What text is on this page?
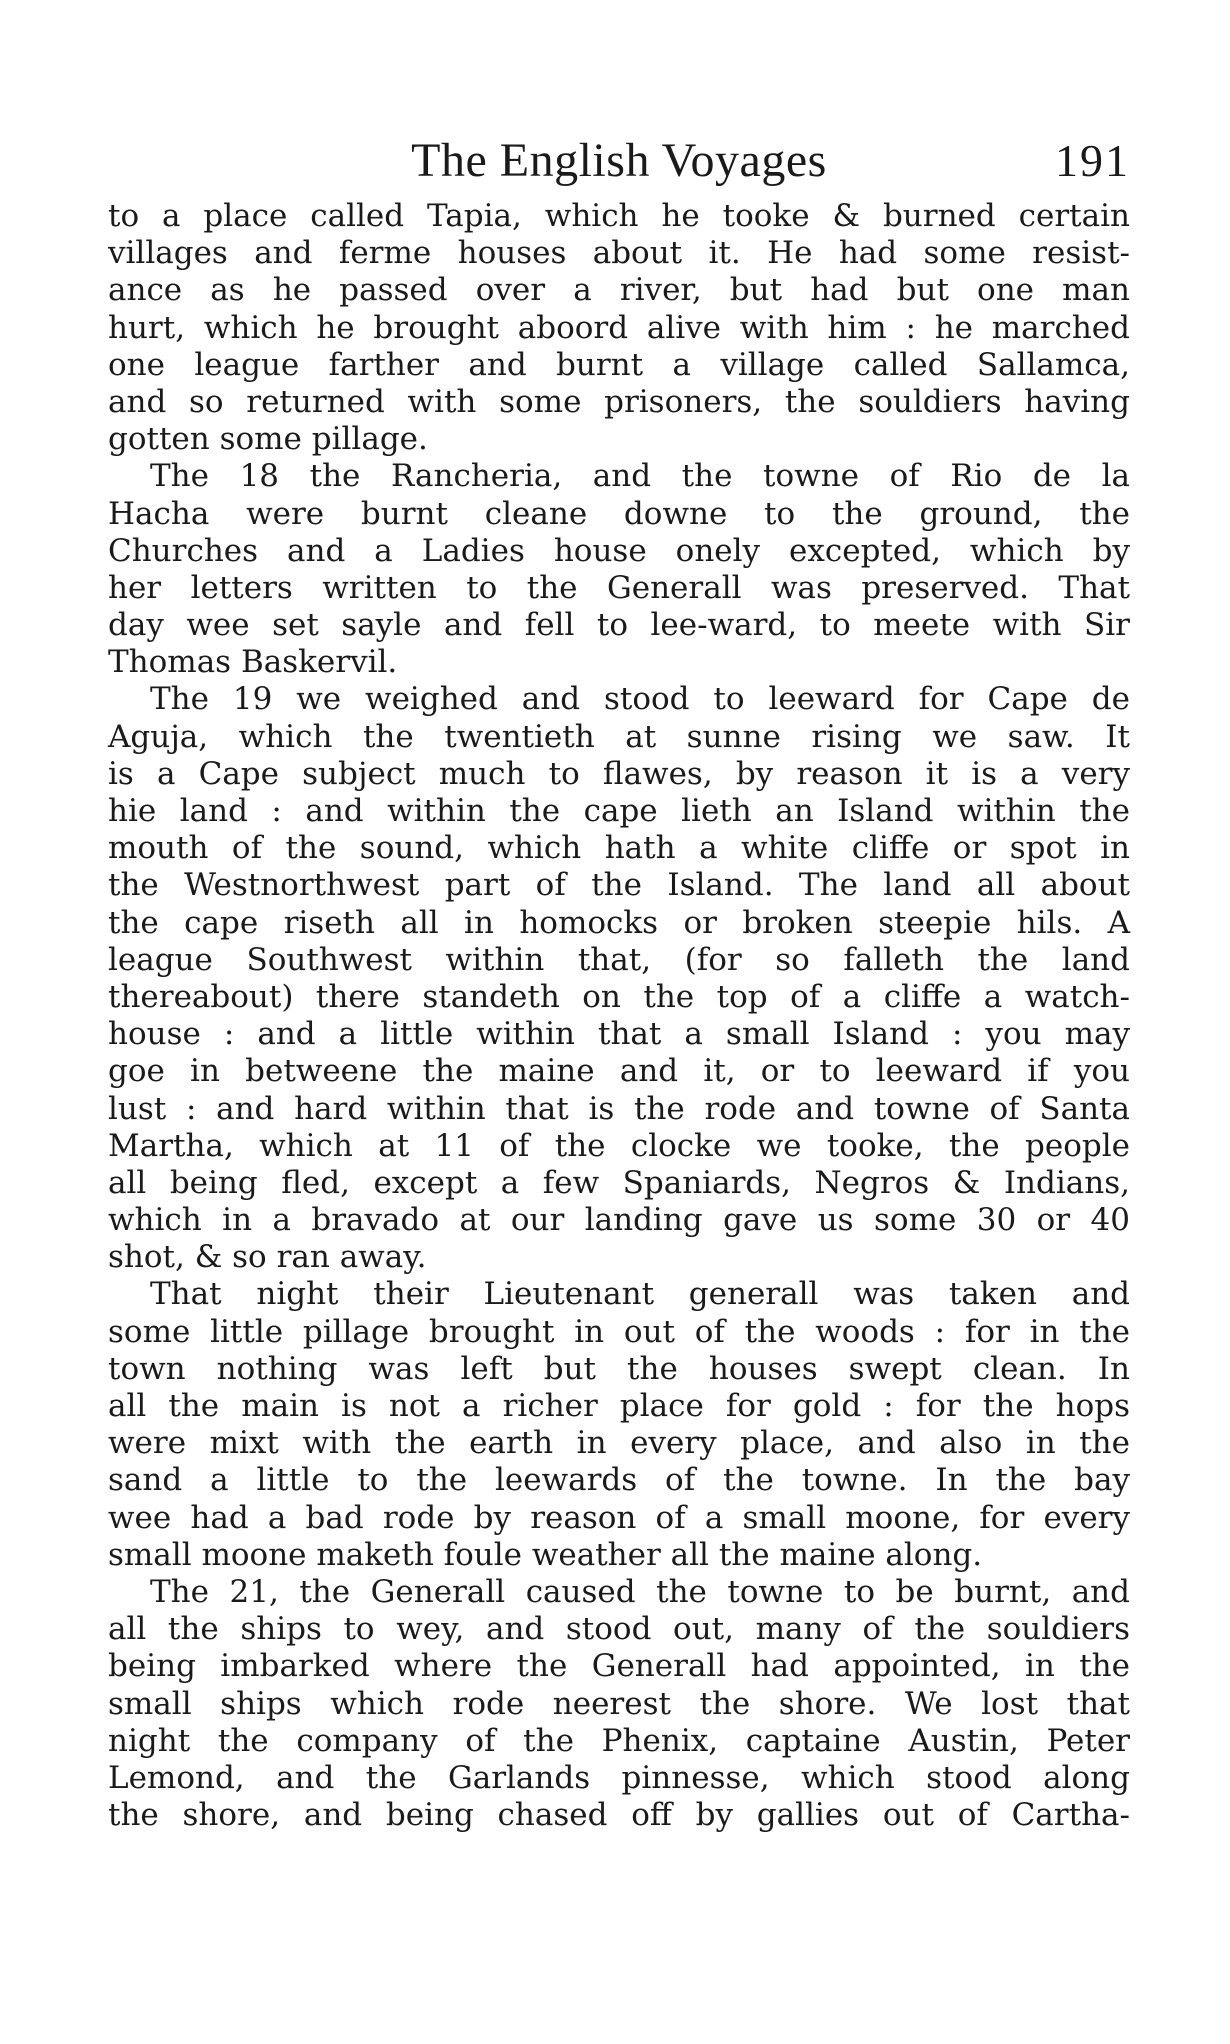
The English Voyages	191
to a place called Tapia, which he tooke & burned certain
villages and ferme houses about it. He had some resist-
ance as he passed over a river, but had but one man
hurt, which he brought aboord alive with him : he marched
one league farther and burnt a village called Sallamca,
and so returned with some prisoners, the souldiers having
gotten some pillage.
The 18 the Rancheria, and the towne of Rio de la
Hacha were burnt cleane downe to the ground, the
Churches and a Ladies house onely excepted, which by
her letters written to the Generall was preserved. That
day wee set sayle and fell to lee-ward, to meete with Sir
Thomas Baskervil.
The 19 we weighed and stood to leeward for Cape de
Aguja, which the twentieth at sunne rising we saw. It
is a Cape subject much to flawes, by reason it is a very
hie land : and within the cape lieth an Island within the
mouth of the sound, which hath a white cliffe or spot in
the Westnorthwest part of the Island. The land all about
the cape riseth all in homocks or broken steepie hils. A
league Southwest within that, (for so falleth the land
thereabout) there standeth on the top of a cliffe a watch-
house : and a little within that a small Island : you may
goe in betweene the maine and it, or to leeward if you
lust : and hard within that is the rode and towne of Santa
Martha, which at 11 of the clocke we tooke, the people
all being fled, except a few Spaniards, Negros & Indians,
which in a bravado at our landing gave us some 30 or 40
shot, & so ran away.
That night their Lieutenant generall was taken and
some little pillage brought in out of the woods : for in the
town nothing was left but the houses swept clean. In
all the main is not a richer place for gold : for the hops
were mixt with the earth in every place, and also in the
sand a little to the leewards of the towne. In the bay
wee had a bad rode by reason of a small moone, for every
small moone maketh foule weather all the maine along.
The 21, the Generall caused the towne to be burnt, and
all the ships to wey, and stood out, many of the souldiers
being imbarked where the Generall had appointed, in the
small ships which rode neerest the shore. We lost that
night the company of the Phenix, captaine Austin, Peter
Lemond, and the Garlands pinnesse, which stood along
the shore, and being chased off by gallies out of Cartha-
